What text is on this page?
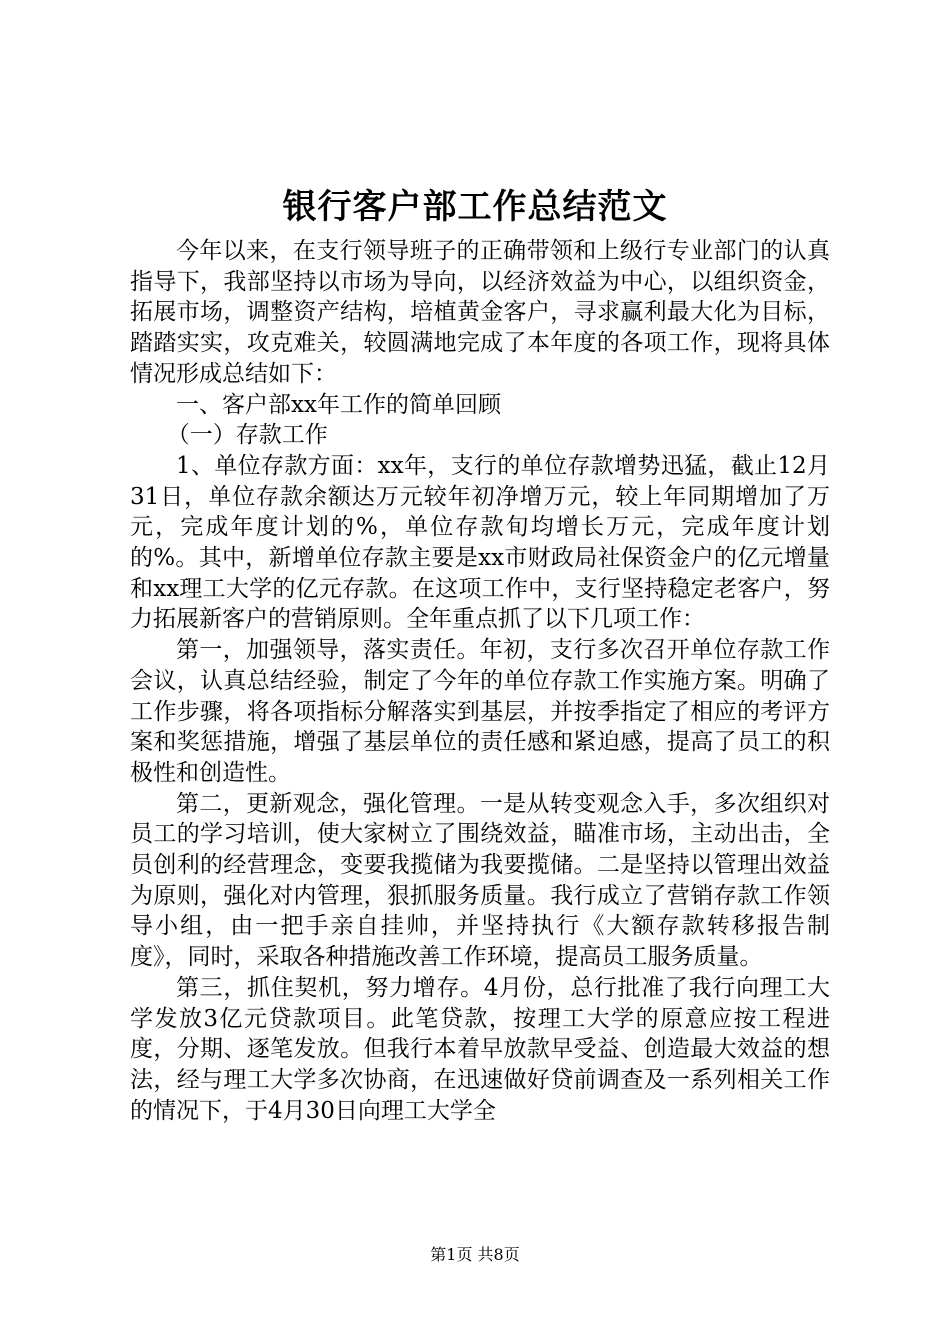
银行客户部工作总结范文

今年以来，在支行领导班子的正确带领和上级行专业部门的认真指导下，我部坚持以市场为导向，以经济效益为中心，以组织资金，拓展市场，调整资产结构，培植黄金客户，寻求赢利最大化为目标，踏踏实实，攻克难关，较圆满地完成了本年度的各项工作，现将具体情况形成总结如下：

一、客户部xx年工作的简单回顾

（一）存款工作

1、单位存款方面：xx年，支行的单位存款增势迅猛，截止12月31日，单位存款余额达万元较年初净增万元，较上年同期增加了万元，完成年度计划的%，单位存款旬均增长万元，完成年度计划的%。其中，新增单位存款主要是xx市财政局社保资金户的亿元增量和xx理工大学的亿元存款。在这项工作中，支行坚持稳定老客户，努力拓展新客户的营销原则。全年重点抓了以下几项工作：

第一，加强领导，落实责任。年初，支行多次召开单位存款工作会议，认真总结经验，制定了今年的单位存款工作实施方案。明确了工作步骤，将各项指标分解落实到基层，并按季指定了相应的考评方案和奖惩措施，增强了基层单位的责任感和紧迫感，提高了员工的积极性和创造性。

第二，更新观念，强化管理。一是从转变观念入手，多次组织对员工的学习培训，使大家树立了围绕效益，瞄准市场，主动出击，全员创利的经营理念，变要我揽储为我要揽储。二是坚持以管理出效益为原则，强化对内管理，狠抓服务质量。我行成立了营销存款工作领导小组，由一把手亲自挂帅，并坚持执行《大额存款转移报告制度》，同时，采取各种措施改善工作环境，提高员工服务质量。

第三，抓住契机，努力增存。4月份，总行批准了我行向理工大学发放3亿元贷款项目。此笔贷款，按理工大学的原意应按工程进度，分期、逐笔发放。但我行本着早放款早受益、创造最大效益的想法，经与理工大学多次协商，在迅速做好贷前调查及一系列相关工作的情况下，于4月30日向理工大学全

第1页 共8页
